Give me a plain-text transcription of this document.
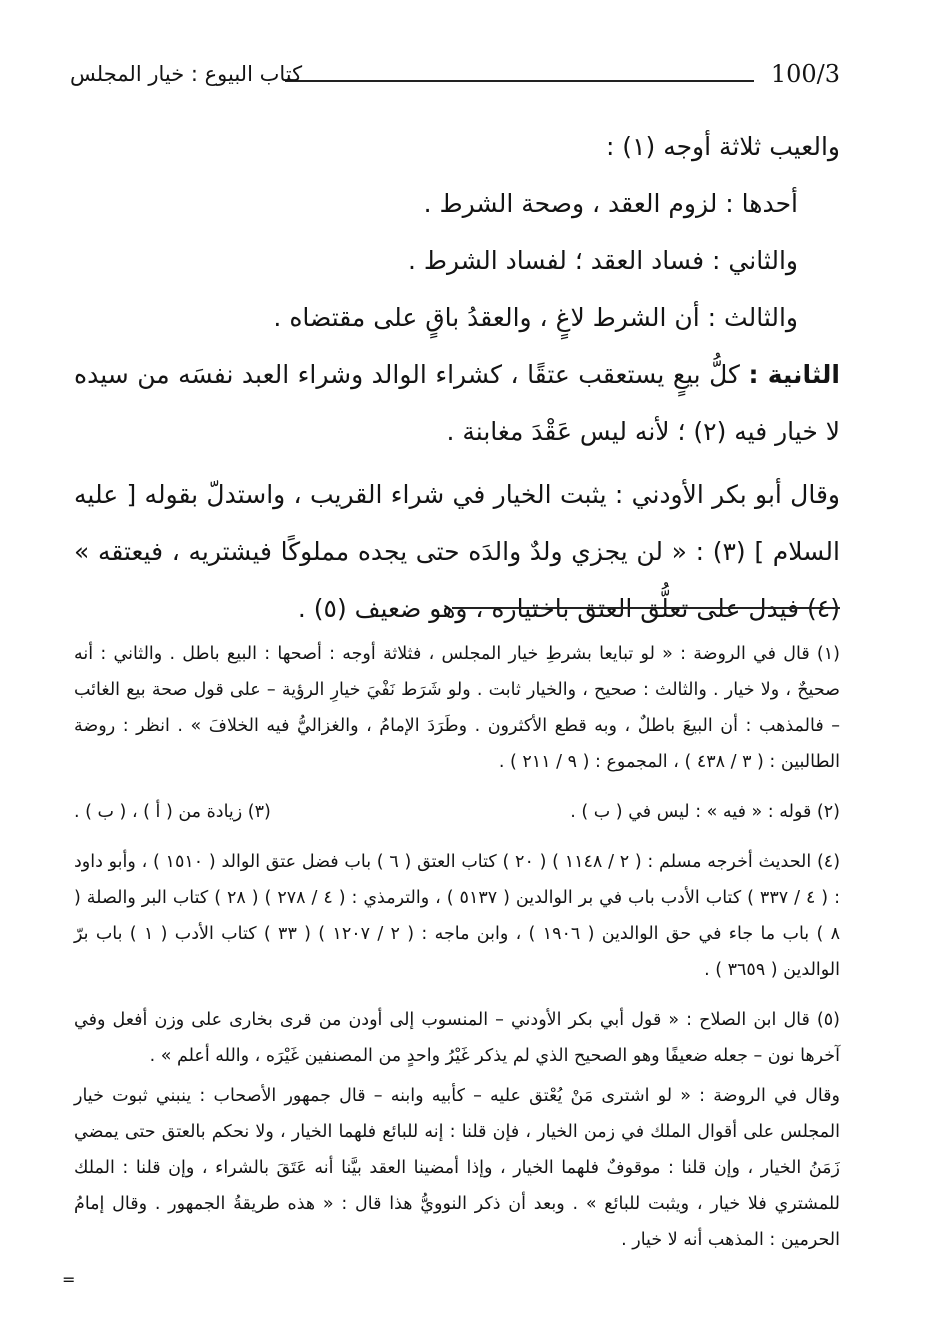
100/3
كتاب البيوع : خيار المجلس

والعيب ثلاثة أوجه (١) :

أحدها : لزوم العقد ، وصحة الشرط .

والثاني : فساد العقد ؛ لفساد الشرط .

والثالث : أن الشرط لاغٍ ، والعقدُ باقٍ على مقتضاه .

الثانية : كلُّ بيعٍ يستعقب عتقًا ، كشراء الوالد وشراء العبد نفسَه من سيده لا خيار فيه (٢) ؛ لأنه ليس عَقْدَ مغابنة .

وقال أبو بكر الأودني : يثبت الخيار في شراء القريب ، واستدلّ بقوله [ عليه السلام ] (٣) : « لن يجزي ولدٌ والدَه حتى يجده مملوكًا فيشتريه ، فيعتقه » (٤) فيدل على تعلُّق العتق باختياره ، وهو ضعيف (٥) .

(١) قال في الروضة : « لو تبايعا بشرطِ خيار المجلس ، فثلاثة أوجه : أصحها : البيع باطل . والثاني : أنه صحيحٌ ، ولا خيار . والثالث : صحيح ، والخيار ثابت . ولو شَرَط نَفْيَ خيارِ الرؤية – على قول صحة بيع الغائب – فالمذهب : أن البيعَ باطلٌ ، وبه قطع الأكثرون . وطَرَدَ الإمامُ ، والغزاليُّ فيه الخلافَ » . انظر : روضة الطالبين : ( ٣ / ٤٣٨ ) ، المجموع : ( ٩ / ٢١١ ) .

(٢) قوله : « فيه » : ليس في ( ب ) .
(٣) زيادة من ( أ ) ، ( ب ) .

(٤) الحديث أخرجه مسلم : ( ٢ / ١١٤٨ ) ( ٢٠ ) كتاب العتق ( ٦ ) باب فضل عتق الوالد ( ١٥١٠ ) ، وأبو داود : ( ٤ / ٣٣٧ ) كتاب الأدب باب في بر الوالدين ( ٥١٣٧ ) ، والترمذي : ( ٤ / ٢٧٨ ) ( ٢٨ ) كتاب البر والصلة ( ٨ ) باب ما جاء في حق الوالدين ( ١٩٠٦ ) ، وابن ماجه : ( ٢ / ١٢٠٧ ) ( ٣٣ ) كتاب الأدب ( ١ ) باب برّ الوالدين ( ٣٦٥٩ ) .

(٥) قال ابن الصلاح : « قول أبي بكر الأودني – المنسوب إلى أودن من قرى بخارى على وزن أفعل وفي آخرها نون – جعله ضعيفًا وهو الصحيح الذي لم يذكر غَيْرُ واحدٍ من المصنفين غَيْرَه ، والله أعلم » .

وقال في الروضة : « لو اشترى مَنْ يُعْتق عليه – كأبيه وابنه – قال جمهور الأصحاب : ينبني ثبوت خيار المجلس على أقوال الملك في زمن الخيار ، فإن قلنا : إنه للبائع فلهما الخيار ، ولا نحكم بالعتق حتى يمضي زَمَنُ الخيار ، وإن قلنا : موقوفٌ فلهما الخيار ، وإذا أمضينا العقد بيَّنا أنه عَتَقَ بالشراء ، وإن قلنا : الملك للمشتري فلا خيار ، ويثبت للبائع » . وبعد أن ذكر النوويُّ هذا قال : « هذه طريقةُ الجمهور . وقال إمامُ الحرمين : المذهب أنه لا خيار .

=
